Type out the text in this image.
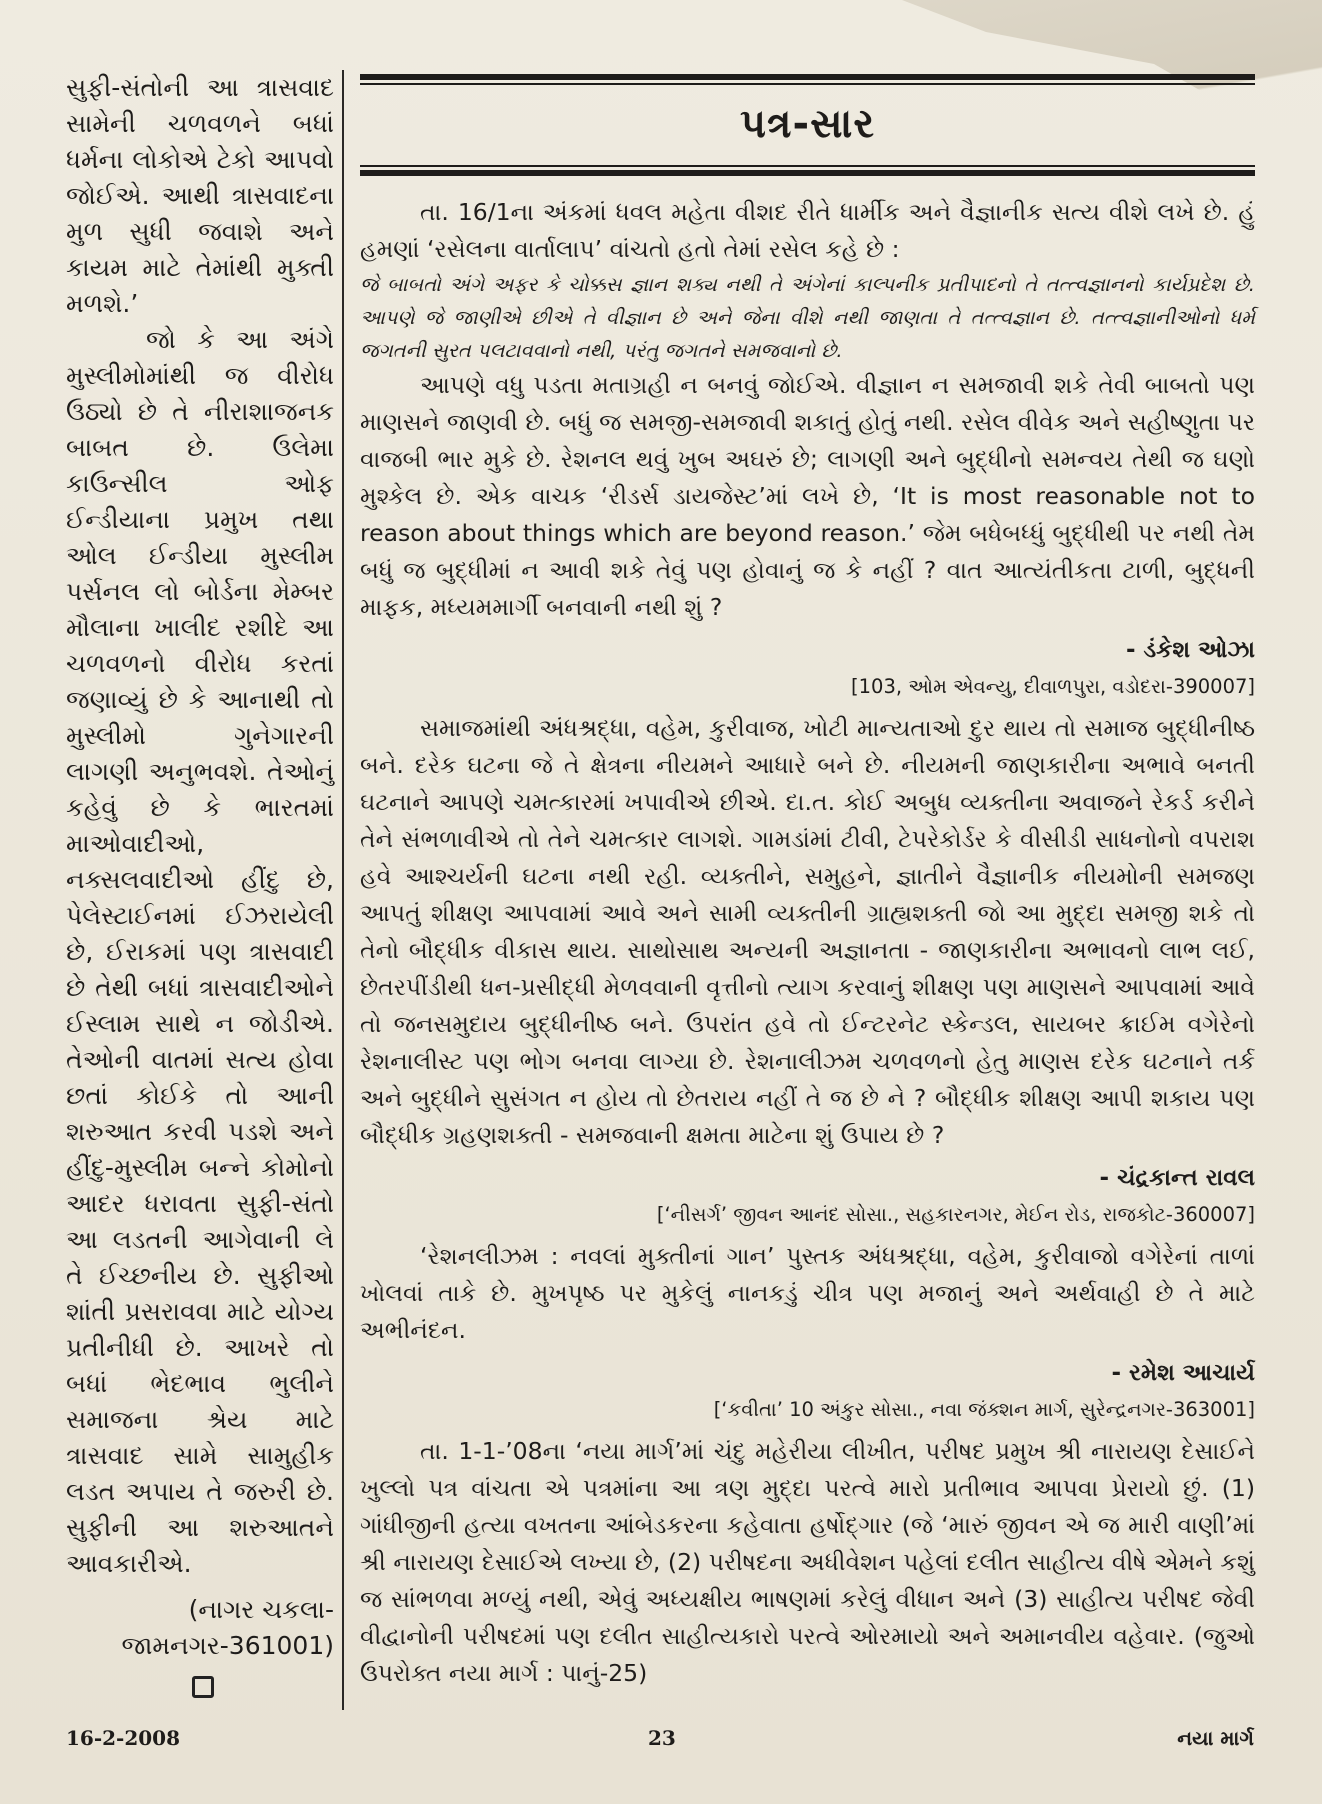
સુફી-સંતોની આ ત્રાસવાદ સામેની ચળવળને બધાં ધર્મના લોકોએ ટેકો આપવો જોઈએ. આથી ત્રાસવાદના મુળ સુધી જવાશે અને કાયમ માટે તેમાંથી મુક્તી મળશે.’

જો કે આ અંગે મુસ્લીમોમાંથી જ વીરોધ ઉઠ્યો છે તે નીરાશાજનક બાબત છે. ઉલેમા કાઉન્સીલ ઓફ ઈન્ડીયાના પ્રમુખ તથા ઓલ ઈન્ડીયા મુસ્લીમ પર્સનલ લો બોર્ડના મેમ્બર મૌલાના ખાલીદ રશીદે આ ચળવળનો વીરોધ કરતાં જણાવ્યું છે કે આનાથી તો મુસ્લીમો ગુનેગારની લાગણી અનુભવશે. તેઓનું કહેવું છે કે ભારતમાં માઓવાદીઓ, નક્સલવાદીઓ હીંદુ છે, પેલેસ્ટાઈનમાં ઈઝરાયેલી છે, ઈરાકમાં પણ ત્રાસવાદી છે તેથી બધાં ત્રાસવાદીઓને ઈસ્લામ સાથે ન જોડીએ. તેઓની વાતમાં સત્ય હોવા છતાં કોઈકે તો આની શરુઆત કરવી પડશે અને હીંદુ-મુસ્લીમ બન્ને કોમોનો આદર ધરાવતા સુફી-સંતો આ લડતની આગેવાની લે તે ઈચ્છનીય છે. સુફીઓ શાંતી પ્રસરાવવા માટે યોગ્ય પ્રતીનીધી છે. આખરે તો બધાં ભેદભાવ ભુલીને સમાજના શ્રેય માટે ત્રાસવાદ સામે સામુહીક લડત અપાય તે જરુરી છે. સુફીની આ શરુઆતને આવકારીએ.

(નાગર ચકલા-જામનગર-361001)

પત્ર-સાર

તા. 16/1ના અંકમાં ધવલ મહેતા વીશદ રીતે ધાર્મીક અને વૈજ્ઞાનીક સત્ય વીશે લખે છે. હું હમણાં ‘રસેલના વાર્તાલાપ’ વાંચતો હતો તેમાં રસેલ કહે છે :

જે બાબતો અંગે અફર કે ચોક્કસ જ્ઞાન શક્ય નથી તે અંગેનાં કાલ્પનીક પ્રતીપાદનો તે તત્ત્વજ્ઞાનનો કાર્યપ્રદેશ છે. આપણે જે જાણીએ છીએ તે વીજ્ઞાન છે અને જેના વીશે નથી જાણતા તે તત્ત્વજ્ઞાન છે. તત્ત્વજ્ઞાનીઓનો ધર્મ જગતની સુરત પલટાવવાનો નથી, પરંતુ જગતને સમજવાનો છે.

આપણે વધુ પડતા મતાગ્રહી ન બનવું જોઈએ. વીજ્ઞાન ન સમજાવી શકે તેવી બાબતો પણ માણસને જાણવી છે. બધું જ સમજી-સમજાવી શકાતું હોતું નથી. રસેલ વીવેક અને સહીષ્ણુતા પર વાજબી ભાર મુકે છે. રેશનલ થવું ખુબ અઘરું છે; લાગણી અને બુદ્ધીનો સમન્વય તેથી જ ઘણો મુશ્કેલ છે. એક વાચક ‘રીડર્સ ડાયજેસ્ટ’માં લખે છે, ‘It is most reasonable not to reason about things which are beyond reason.’ જેમ બધેબધ્ધું બુદ્ધીથી પર નથી તેમ બધું જ બુદ્ધીમાં ન આવી શકે તેવું પણ હોવાનું જ કે નહીં ? વાત આત્યંતીકતા ટાળી, બુદ્ધની માફક, મધ્યમમાર્ગી બનવાની નથી શું ?

- ડંકેશ ઓઝા

[103, ઓમ એવન્યુ, દીવાળપુરા, વડોદરા-390007]

સમાજમાંથી અંધશ્રદ્ધા, વહેમ, કુરીવાજ, ખોટી માન્યતાઓ દુર થાય તો સમાજ બુદ્ધીનીષ્ઠ બને. દરેક ઘટના જે તે ક્ષેત્રના નીયમને આધારે બને છે. નીયમની જાણકારીના અભાવે બનતી ઘટનાને આપણે ચમત્કારમાં ખપાવીએ છીએ. દા.ત. કોઈ અબુધ વ્યક્તીના અવાજને રેકર્ડ કરીને તેને સંભળાવીએ તો તેને ચમત્કાર લાગશે. ગામડાંમાં ટીવી, ટેપરેકોર્ડર કે વીસીડી સાધનોનો વપરાશ હવે આશ્ચર્યની ઘટના નથી રહી. વ્યક્તીને, સમુહને, જ્ઞાતીને વૈજ્ઞાનીક નીયમોની સમજણ આપતું શીક્ષણ આપવામાં આવે અને સામી વ્યક્તીની ગ્રાહ્યશક્તી જો આ મુદ્દા સમજી શકે તો તેનો બૌદ્ધીક વીકાસ થાય. સાથોસાથ અન્યની અજ્ઞાનતા - જાણકારીના અભાવનો લાભ લઈ, છેતરપીંડીથી ધન-પ્રસીદ્ધી મેળવવાની વૃત્તીનો ત્યાગ કરવાનું શીક્ષણ પણ માણસને આપવામાં આવે તો જનસમુદાય બુદ્ધીનીષ્ઠ બને. ઉપરાંત હવે તો ઈન્ટરનેટ સ્કેન્ડલ, સાયબર ક્રાઈમ વગેરેનો રેશનાલીસ્ટ પણ ભોગ બનવા લાગ્યા છે. રેશનાલીઝમ ચળવળનો હેતુ માણસ દરેક ઘટનાને તર્ક અને બુદ્ધીને સુસંગત ન હોય તો છેતરાય નહીં તે જ છે ને ? બૌદ્ધીક શીક્ષણ આપી શકાય પણ બૌદ્ધીક ગ્રહણશક્તી - સમજવાની ક્ષમતા માટેના શું ઉપાય છે ?

- ચંદ્રકાન્ત રાવલ

[‘નીસર્ગ’ જીવન આનંદ સોસા., સહકારનગર, મેઈન રોડ, રાજકોટ-360007]

‘રેશનલીઝમ : નવલાં મુક્તીનાં ગાન’ પુસ્તક અંધશ્રદ્ધા, વહેમ, કુરીવાજો વગેરેનાં તાળાં ખોલવાં તાકે છે. મુખપૃષ્ઠ પર મુકેલું નાનકડું ચીત્ર પણ મજાનું અને અર્થવાહી છે તે માટે અભીનંદન.

- રમેશ આચાર્ય

[‘કવીતા’ 10 અંકુર સોસા., નવા જંક્શન માર્ગ, સુરેન્દ્રનગર-363001]

તા. 1-1-’08ના ‘નયા માર્ગ’માં ચંદુ મહેરીયા લીખીત, પરીષદ પ્રમુખ શ્રી નારાયણ દેસાઈને ખુલ્લો પત્ર વાંચતા એ પત્રમાંના આ ત્રણ મુદ્દા પરત્વે મારો પ્રતીભાવ આપવા પ્રેરાયો છું. (1) ગાંધીજીની હત્યા વખતના આંબેડકરના કહેવાતા હર્ષોદ્ગાર (જે ‘મારું જીવન એ જ મારી વાણી’માં શ્રી નારાયણ દેસાઈએ લખ્યા છે, (2) પરીષદના અધીવેશન પહેલાં દલીત સાહીત્ય વીષે એમને કશું જ સાંભળવા મળ્યું નથી, એવું અધ્યક્ષીય ભાષણમાં કરેલું વીધાન અને (3) સાહીત્ય પરીષદ જેવી વીદ્વાનોની પરીષદમાં પણ દલીત સાહીત્યકારો પરત્વે ઓરમાયો અને અમાનવીય વહેવાર. (જુઓ ઉપરોક્ત નયા માર્ગ : પાનું-25)

16-2-2008	23	નયા માર્ગ
